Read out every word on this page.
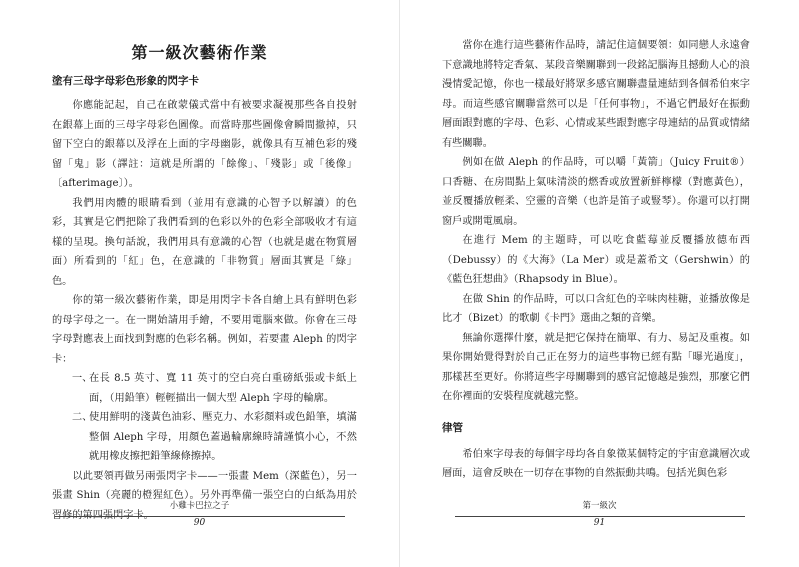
第一級次藝術作業
塗有三母字母彩色形象的閃字卡

你應能記起，自己在啟蒙儀式當中有被要求凝視那些各自投射在銀幕上面的三母字母彩色圖像。而當時那些圖像會瞬間撤掉，只留下空白的銀幕以及浮在上面的字母幽影，就像具有互補色彩的殘留「鬼」影（譯註：這就是所謂的「餘像」、「殘影」或「後像」〔afterimage〕）。

我們用肉體的眼睛看到（並用有意識的心智予以解讀）的色彩，其實是它們把除了我們看到的色彩以外的色彩全部吸收才有這樣的呈現。換句話說，我們用具有意識的心智（也就是處在物質層面）所看到的「紅」色，在意識的「非物質」層面其實是「綠」色。

你的第一級次藝術作業，即是用閃字卡各自繪上具有鮮明色彩的母字母之一。在一開始請用手繪，不要用電腦來做。你會在三母字母對應表上面找到對應的色彩名稱。例如，若要畫 Aleph 的閃字卡：

一、
在長 8.5 英寸、寬 11 英寸的空白亮白重磅紙張或卡紙上面，（用鉛筆）輕輕描出一個大型 Aleph 字母的輪廓。
二、
使用鮮明的淺黃色油彩、壓克力、水彩顏料或色鉛筆，填滿整個 Aleph 字母，用顏色蓋過輪廓線時請謹慎小心，不然就用橡皮擦把鉛筆線條擦掉。

以此要領再做另兩張閃字卡——一張畫 Mem（深藍色），另一張畫 Shin（亮麗的橙猩紅色）。另外再準備一張空白的白紙為用於習修的第四張閃字卡。

小雞卡巴拉之子
90

當你在進行這些藝術作品時，請記住這個要領：如同戀人永遠會下意識地將特定香氣、某段音樂關聯到一段銘記腦海且撼動人心的浪漫情愛記憶，你也一樣最好將眾多感官關聯盡量連結到各個希伯來字母。而這些感官關聯當然可以是「任何事物」，不過它們最好在振動層面跟對應的字母、色彩、心情或某些跟對應字母連結的品質或情緒有些關聯。

例如在做 Aleph 的作品時，可以嚼「黃箭」（Juicy Fruit®）口香糖、在房間點上氣味清淡的燃香或放置新鮮檸檬（對應黃色），並反覆播放輕柔、空靈的音樂（也許是笛子或豎琴）。你還可以打開窗戶或開電風扇。

在進行 Mem 的主題時，可以吃食藍莓並反覆播放德布西（Debussy）的《大海》（La Mer）或是蓋希文（Gershwin）的《藍色狂想曲》（Rhapsody in Blue）。

在做 Shin 的作品時，可以口含紅色的辛味肉桂糖，並播放像是比才（Bizet）的歌劇《卡門》選曲之類的音樂。

無論你選擇什麼，就是把它保持在簡單、有力、易記及重複。如果你開始覺得對於自己正在努力的這些事物已經有點「曝光過度」，那樣甚至更好。你將這些字母關聯到的感官記憶越是強烈，那麼它們在你裡面的安裝程度就越完整。

律管

希伯來字母表的每個字母均各自象徵某個特定的宇宙意識層次或層面，這會反映在一切存在事物的自然振動共鳴。包括光與色彩

第一級次
91
